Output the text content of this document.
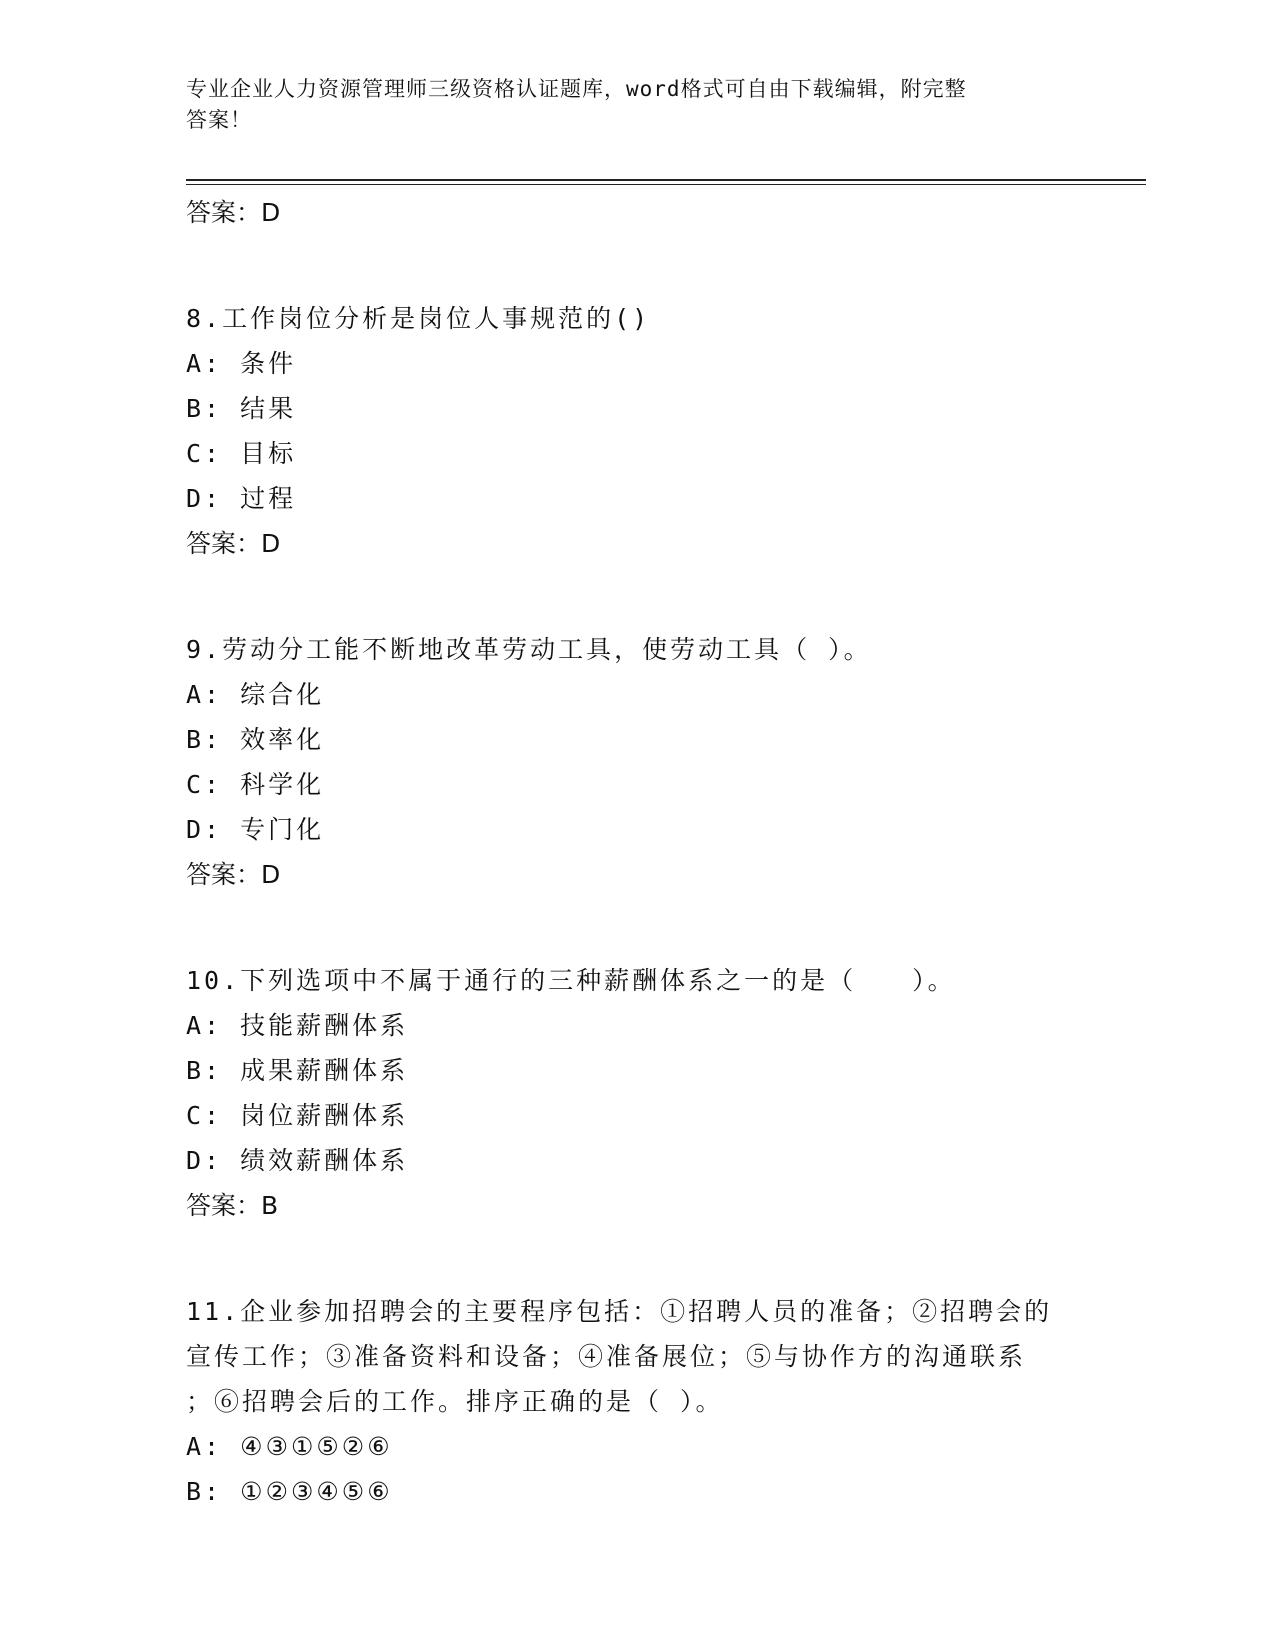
专业企业人力资源管理师三级资格认证题库，word格式可自由下载编辑，附完整
答案！
答案：D
8.工作岗位分析是岗位人事规范的()
A: 条件
B: 结果
C: 目标
D: 过程
答案：D
9.劳动分工能不断地改革劳动工具，使劳动工具（ ）。
A: 综合化
B: 效率化
C: 科学化
D: 专门化
答案：D
10.下列选项中不属于通行的三种薪酬体系之一的是（　　）。
A: 技能薪酬体系
B: 成果薪酬体系
C: 岗位薪酬体系
D: 绩效薪酬体系
答案：B
11.企业参加招聘会的主要程序包括：①招聘人员的准备；②招聘会的
宣传工作；③准备资料和设备；④准备展位；⑤与协作方的沟通联系
；⑥招聘会后的工作。排序正确的是（ ）。
A: ④③①⑤②⑥
B: ①②③④⑤⑥
